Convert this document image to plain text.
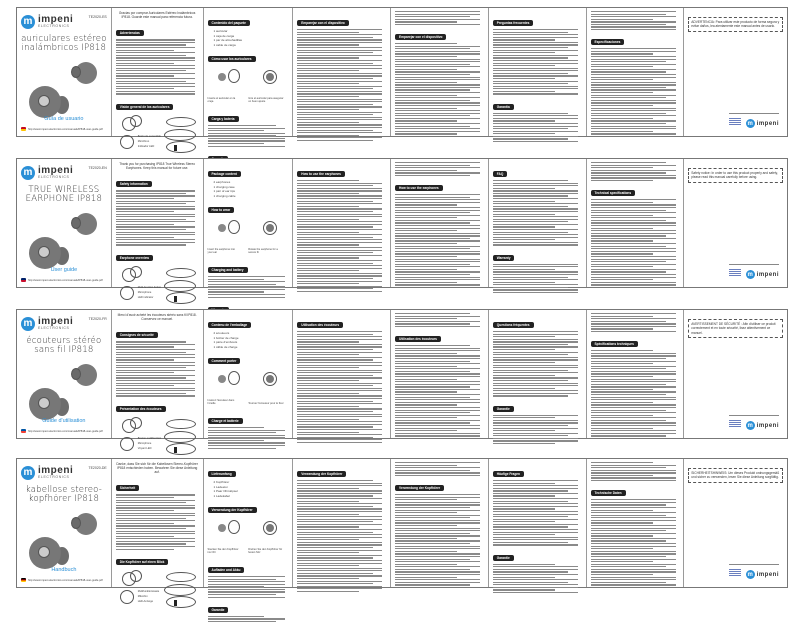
m impeni
ELECTRONICS
TE2020-ES
auriculares estéreo inalámbricos IP818
Guía de usuario
http://www.impeni-electronics.com/manuals/IP818-user-guide.pdf
Gracias por comprar Auriculares Estéreo Inalámbricos IP818. Guarde este manual para referencia futura.
Advertencias
Visión general de los auriculares
Botón de encendido
Micrófono
Indicador LED
Contenido del paquete
1 auricular
1 caja de carga
1 par de almohadillas
1 cable de carga
Cómo usar los auriculares
Inserte el auricular en la oreja Gire el auricular para asegurar un buen ajuste Carga y batería
Emparejar con el dispositivo
Emparejar con el dispositivo
Preguntas frecuentes
Garantía
Especificaciones
ADVERTENCIA: Para utilizar este producto de forma segura y evitar daños, lea atentamente este manual antes de usarlo.
m impeni
m impeni
ELECTRONICS
TE2020-EN
TRUE WIRELESS EARPHONE IP818
User guide
http://www.impeni-electronics.com/manuals/IP818-user-guide.pdf
Thank you for purchasing IP818 True Wireless Stereo Earphones. Keep this manual for future use.
Safety information
Earphone overview
Multi-function button
Microphone
LED indicator
Package content
2 earphones
1 charging case
1 pair of ear tips
1 charging cable
How to wear
Insert the earphone into your ear Rotate the earphone for a secure fit Charging and battery
How to use the earphones
How to use the earphones
FAQ
Warranty
Technical specifications
Safety notice: In order to use this product properly and safely, please read this manual carefully before using.
m impeni
m impeni
ELECTRONICS
TE2020-FR
écouteurs stéréo sans fil IP818
Guide d'utilisation
http://www.impeni-electronics.com/manuals/IP818-user-guide.pdf
Merci d'avoir acheté les écouteurs stéréo sans fil IP818. Conservez ce manuel.
Consignes de sécurité
Présentation des écouteurs
Bouton multifonction
Microphone
Voyant LED
Contenu de l'emballage
2 écouteurs
1 boîtier de charge
1 paire d'embouts
1 câble de charge
Comment porter
Insérez l'écouteur dans l'oreille	Tournez l'écouteur pour le fixer Charge et batterie
Utilisation des écouteurs
Utilisation des écouteurs
Questions fréquentes
Garantie
Spécifications techniques
AVERTISSEMENT DE SÉCURITÉ : Afin d'utiliser ce produit correctement et en toute sécurité, lisez attentivement ce manuel.
m impeni
m impeni
ELECTRONICS
TE2020-DE
kabellose stereo-kopfhörer IP818
Handbuch
http://www.impeni-electronics.com/manuals/IP818-user-guide.pdf
Danke, dass Sie sich für die Kabellosen Stereo-Kopfhörer IP818 entschieden haben. Bewahren Sie diese Anleitung auf.
Sicherheit
Die Kopfhörer auf einen Blick
Multifunktionstaste
Mikrofon
LED-Anzeige
Lieferumfang
2 Kopfhörer
1 Ladeetui
1 Paar Ohrstöpsel
1 Ladekabel
Verwendung der Kopfhörer
Stecken Sie den Kopfhörer ins Ohr Drehen Sie den Kopfhörer für festen Sitz Aufladen und Akku
Garantie
Verwendung der Kopfhörer
Verwendung der Kopfhörer
Häufige Fragen
Garantie
Technische Daten
SICHERHEITSHINWEIS: Um dieses Produkt ordnungsgemäß und sicher zu verwenden, lesen Sie diese Anleitung sorgfältig.
m impeni
